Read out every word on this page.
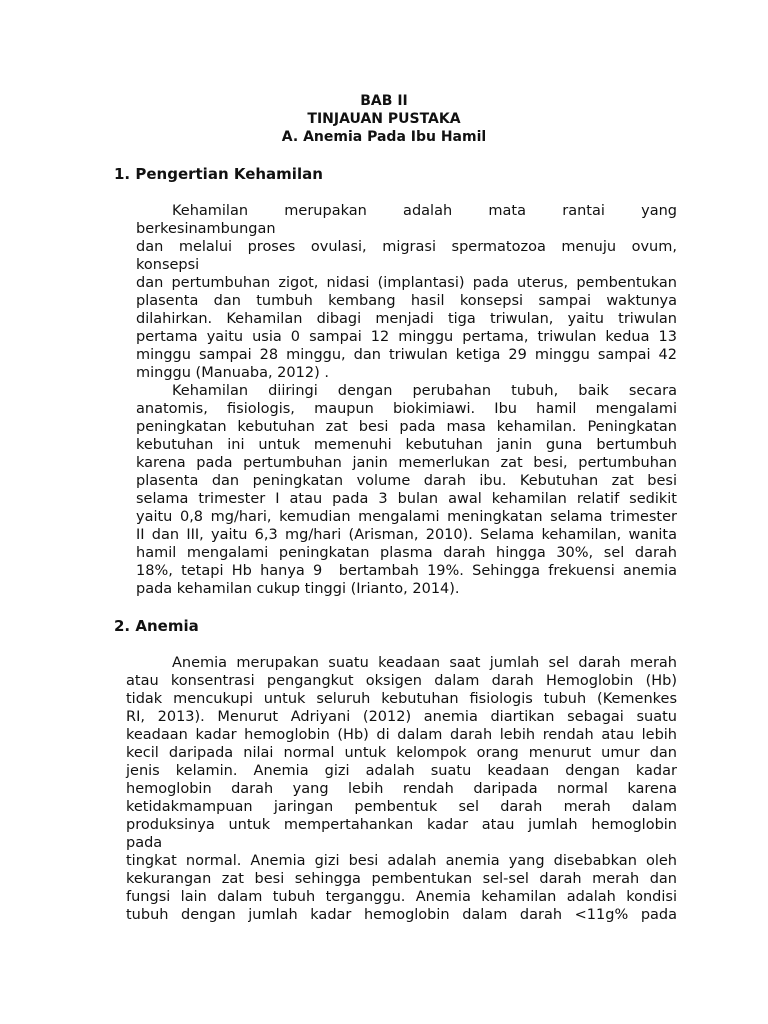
BAB II
TINJAUAN PUSTAKA
A. Anemia Pada Ibu Hamil
1. Pengertian Kehamilan
Kehamilan merupakan adalah mata rantai yang
berkesinambungan
dan melalui proses ovulasi, migrasi spermatozoa menuju ovum,
konsepsi
dan pertumbuhan zigot, nidasi (implantasi) pada uterus, pembentukan
plasenta dan tumbuh kembang hasil konsepsi sampai waktunya
dilahirkan. Kehamilan dibagi menjadi tiga triwulan, yaitu triwulan
pertama yaitu usia 0 sampai 12 minggu pertama, triwulan kedua 13
minggu sampai 28 minggu, dan triwulan ketiga 29 minggu sampai 42
minggu (Manuaba, 2012) .
Kehamilan diiringi dengan perubahan tubuh, baik secara
anatomis, fisiologis, maupun biokimiawi. Ibu hamil mengalami
peningkatan kebutuhan zat besi pada masa kehamilan. Peningkatan
kebutuhan ini untuk memenuhi kebutuhan janin guna bertumbuh
karena pada pertumbuhan janin memerlukan zat besi, pertumbuhan
plasenta dan peningkatan volume darah ibu. Kebutuhan zat besi
selama trimester I atau pada 3 bulan awal kehamilan relatif sedikit
yaitu 0,8 mg/hari, kemudian mengalami meningkatan selama trimester
II dan III, yaitu 6,3 mg/hari (Arisman, 2010). Selama kehamilan, wanita
hamil mengalami peningkatan plasma darah hingga 30%, sel darah
18%, tetapi Hb hanya 9  bertambah 19%. Sehingga frekuensi anemia
pada kehamilan cukup tinggi (Irianto, 2014).
2. Anemia
Anemia merupakan suatu keadaan saat jumlah sel darah merah
atau konsentrasi pengangkut oksigen dalam darah Hemoglobin (Hb)
tidak mencukupi untuk seluruh kebutuhan fisiologis tubuh (Kemenkes
RI, 2013). Menurut Adriyani (2012) anemia diartikan sebagai suatu
keadaan kadar hemoglobin (Hb) di dalam darah lebih rendah atau lebih
kecil daripada nilai normal untuk kelompok orang menurut umur dan
jenis kelamin. Anemia gizi adalah suatu keadaan dengan kadar
hemoglobin darah yang lebih rendah daripada normal karena
ketidakmampuan jaringan pembentuk sel darah merah dalam
produksinya untuk mempertahankan kadar atau jumlah hemoglobin
pada
tingkat normal. Anemia gizi besi adalah anemia yang disebabkan oleh
kekurangan zat besi sehingga pembentukan sel-sel darah merah dan
fungsi lain dalam tubuh terganggu. Anemia kehamilan adalah kondisi
tubuh dengan jumlah kadar hemoglobin dalam darah <11g% pada
